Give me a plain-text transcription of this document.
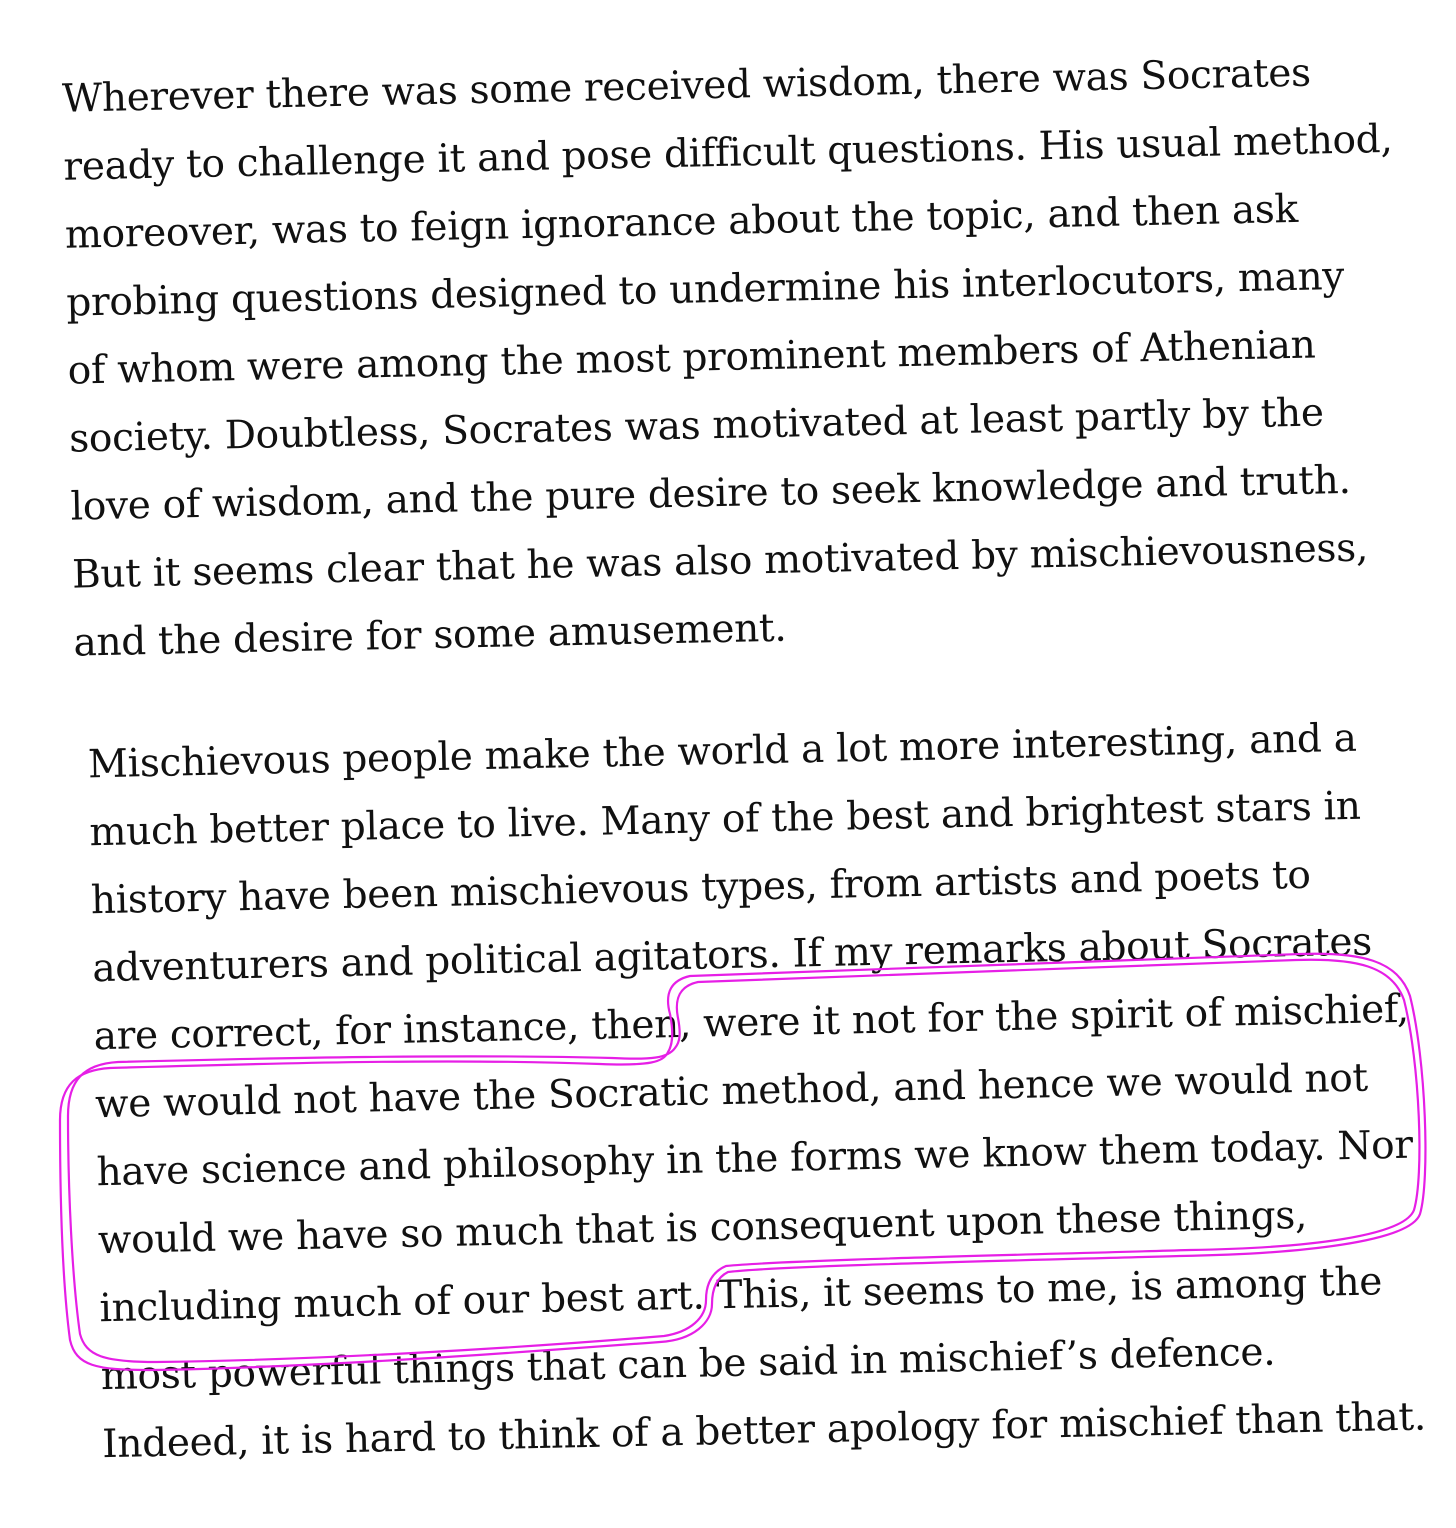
Wherever there was some received wisdom, there was Socrates

ready to challenge it and pose difficult questions. His usual method,

moreover, was to feign ignorance about the topic, and then ask

probing questions designed to undermine his interlocutors, many

of whom were among the most prominent members of Athenian

society. Doubtless, Socrates was motivated at least partly by the

love of wisdom, and the pure desire to seek knowledge and truth.

But it seems clear that he was also motivated by mischievousness,

and the desire for some amusement.

Mischievous people make the world a lot more interesting, and a

much better place to live. Many of the best and brightest stars in

history have been mischievous types, from artists and poets to

adventurers and political agitators. If my remarks about Socrates

are correct, for instance, then, were it not for the spirit of mischief,

we would not have the Socratic method, and hence we would not

have science and philosophy in the forms we know them today. Nor

would we have so much that is consequent upon these things,

including much of our best art. This, it seems to me, is among the

most powerful things that can be said in mischief’s defence.

Indeed, it is hard to think of a better apology for mischief than that.
